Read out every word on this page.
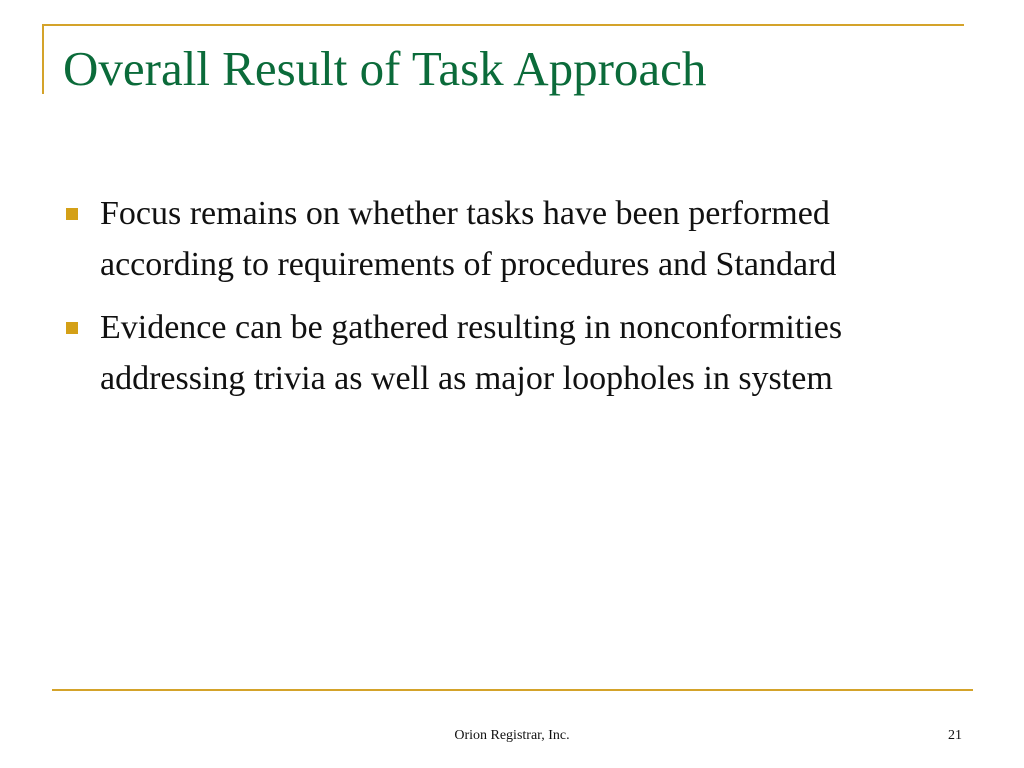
Overall Result of Task Approach
Focus remains on whether tasks have been performed according to requirements of procedures and Standard
Evidence can be gathered resulting in nonconformities addressing trivia as well as major loopholes in system
Orion Registrar, Inc.	21
